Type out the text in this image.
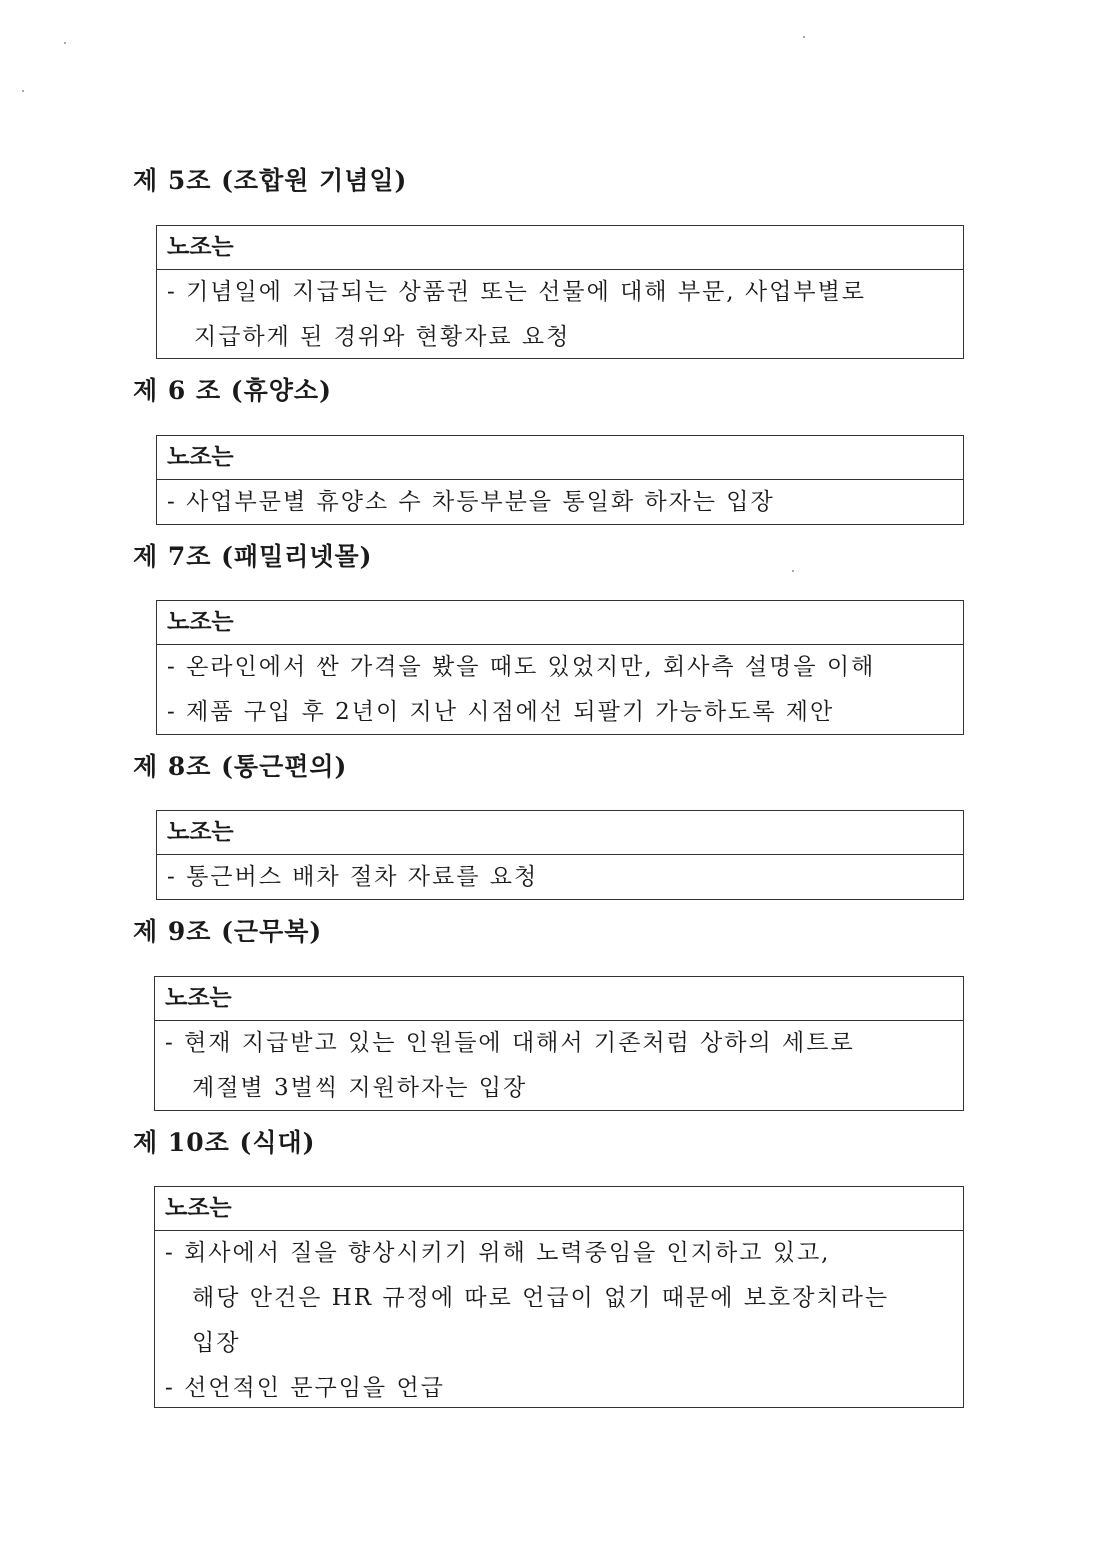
제 5조 (조합원 기념일)
노조는
- 기념일에 지급되는 상품권 또는 선물에 대해 부문, 사업부별로
지급하게 된 경위와 현황자료 요청
제 6 조 (휴양소)
노조는
- 사업부문별 휴양소 수 차등부분을 통일화 하자는 입장
제 7조 (패밀리넷몰)
노조는
- 온라인에서 싼 가격을 봤을 때도 있었지만, 회사측 설명을 이해
- 제품 구입 후 2년이 지난 시점에선 되팔기 가능하도록 제안
제 8조 (통근편의)
노조는
- 통근버스 배차 절차 자료를 요청
제 9조 (근무복)
노조는
- 현재 지급받고 있는 인원들에 대해서 기존처럼 상하의 세트로
계절별 3벌씩 지원하자는 입장
제 10조 (식대)
노조는
- 회사에서 질을 향상시키기 위해 노력중임을 인지하고 있고,
해당 안건은 HR 규정에 따로 언급이 없기 때문에 보호장치라는
입장
- 선언적인 문구임을 언급
